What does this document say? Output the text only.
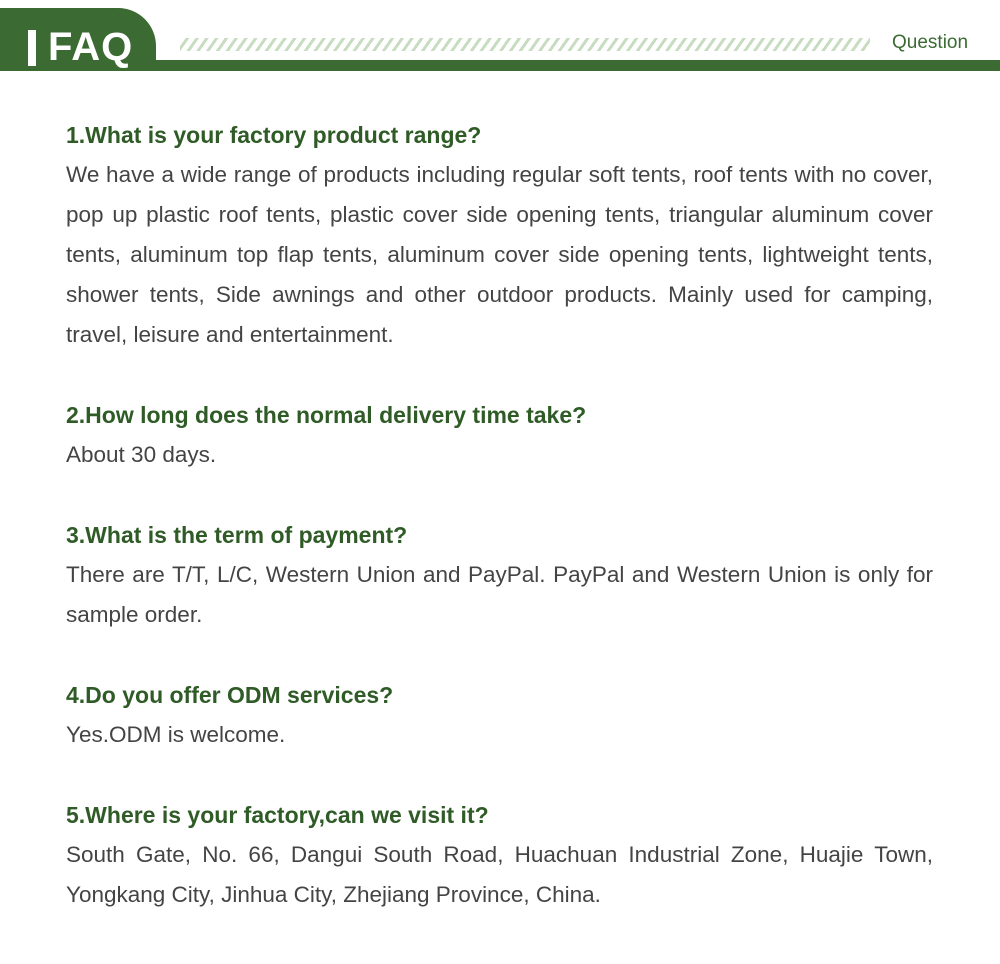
FAQ	Question

1.What is your factory product range?

We have a wide range of products including regular soft tents, roof tents with no cover, pop up plastic roof tents, plastic cover side opening tents, triangular aluminum cover tents, aluminum top flap tents, aluminum cover side opening tents, lightweight tents, shower tents, Side awnings and other outdoor products. Mainly used for camping, travel, leisure and entertainment.

2.How long does the normal delivery time take?

About 30 days.

3.What is the term of payment?

There are T/T, L/C, Western Union and PayPal. PayPal and Western Union is only for sample order.

4.Do you offer ODM services?

Yes.ODM is welcome.

5.Where is your factory,can we visit it?

South Gate, No. 66, Dangui South Road, Huachuan Industrial Zone, Huajie Town, Yongkang City, Jinhua City, Zhejiang Province, China.
